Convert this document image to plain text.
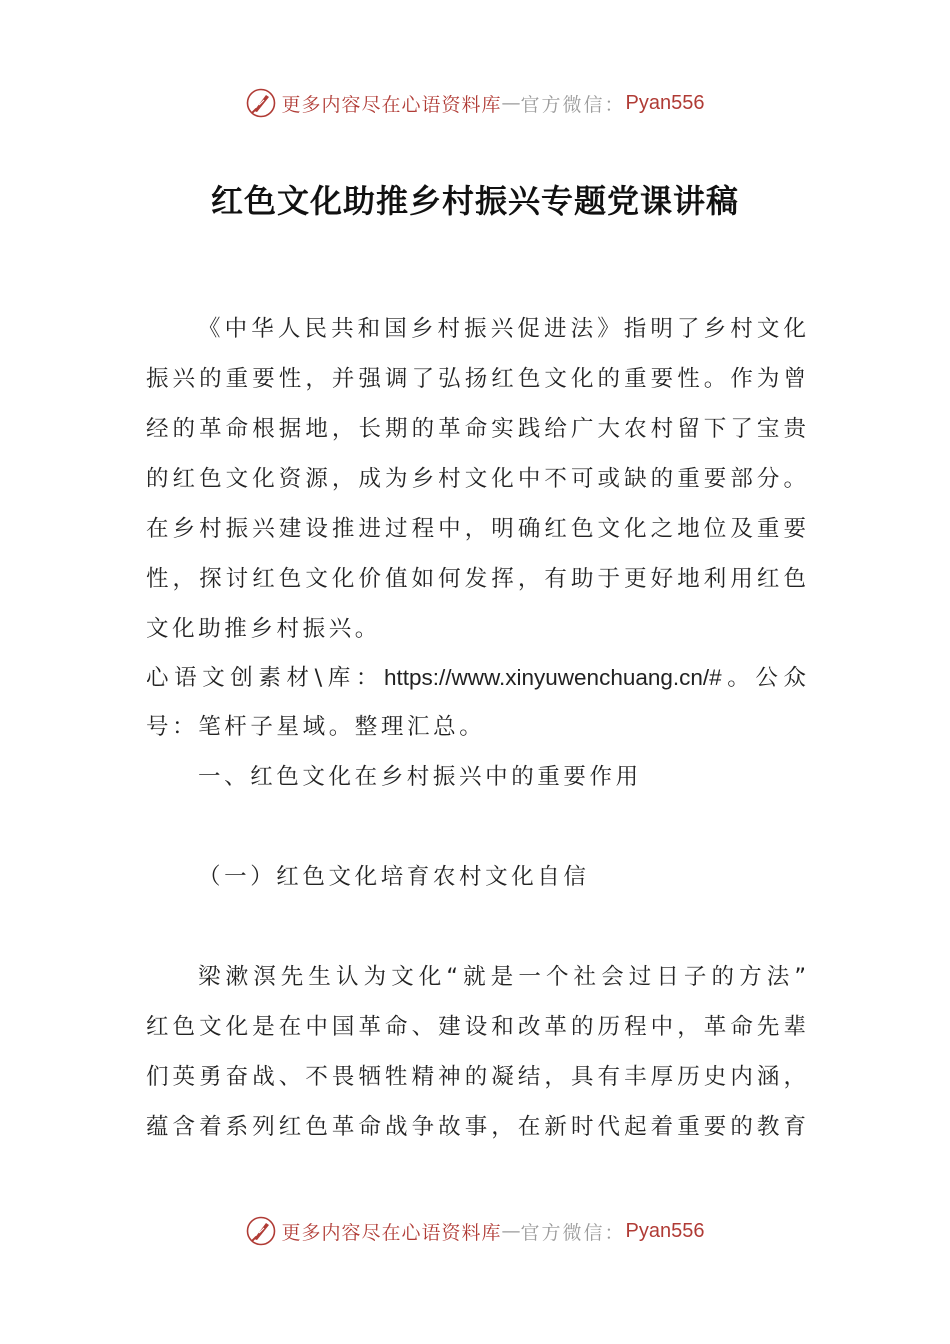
更多内容尽在心语资料库 — 官方微信： Pyan556
红色文化助推乡村振兴专题党课讲稿
《中华人民共和国乡村振兴促进法》指明了乡村文化
振兴的重要性，并强调了弘扬红色文化的重要性。作为曾
经的革命根据地，长期的革命实践给广大农村留下了宝贵
的红色文化资源，成为乡村文化中不可或缺的重要部分。
在乡村振兴建设推进过程中，明确红色文化之地位及重要
性，探讨红色文化价值如何发挥，有助于更好地利用红色
文化助推乡村振兴。
心语文创素材\库：https://www.xinyuwenchuang.cn/#。公众
号：笔杆子星域。整理汇总。
一、红色文化在乡村振兴中的重要作用
（一）红色文化培育农村文化自信
梁漱溟先生认为文化“就是一个社会过日子的方法”
红色文化是在中国革命、建设和改革的历程中，革命先辈
们英勇奋战、不畏牺牲精神的凝结，具有丰厚历史内涵，
蕴含着系列红色革命战争故事，在新时代起着重要的教育
更多内容尽在心语资料库 — 官方微信： Pyan556
